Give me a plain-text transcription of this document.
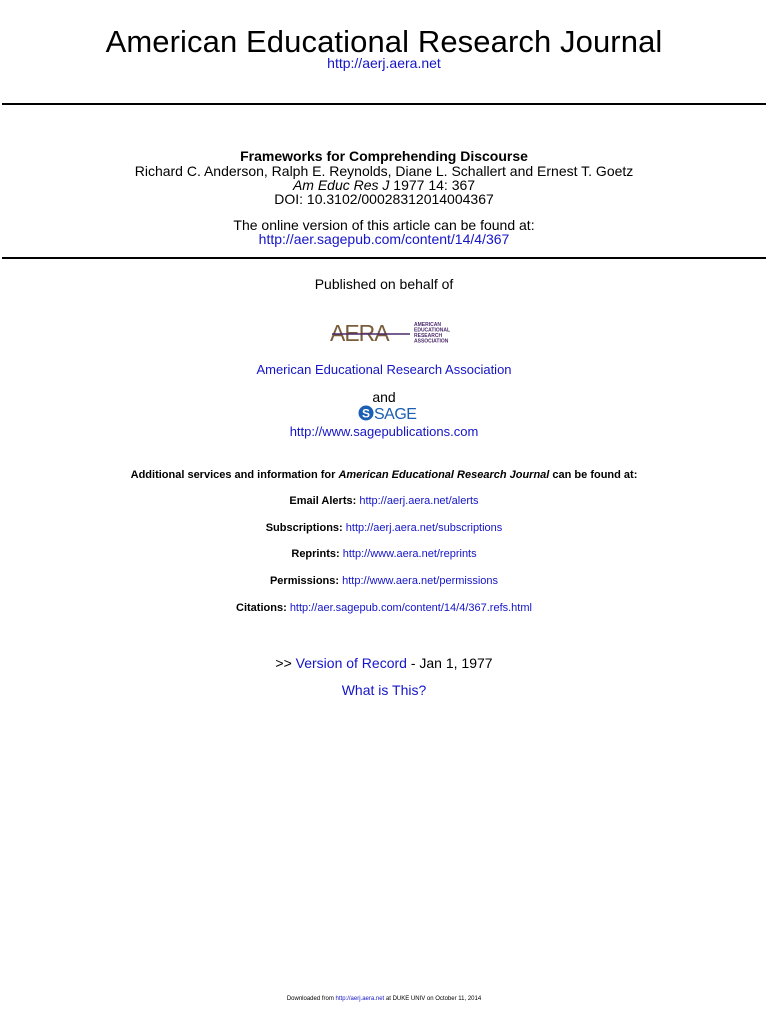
American Educational Research Journal
http://aerj.aera.net
Frameworks for Comprehending Discourse
Richard C. Anderson, Ralph E. Reynolds, Diane L. Schallert and Ernest T. Goetz
Am Educ Res J 1977 14: 367
DOI: 10.3102/00028312014004367
The online version of this article can be found at:
http://aer.sagepub.com/content/14/4/367
Published on behalf of
AERA	AMERICAN
EDUCATIONAL
RESEARCH
ASSOCIATION
American Educational Research Association
and
S SAGE
http://www.sagepublications.com
Additional services and information for American Educational Research Journal can be found at:
Email Alerts: http://aerj.aera.net/alerts
Subscriptions: http://aerj.aera.net/subscriptions
Reprints: http://www.aera.net/reprints
Permissions: http://www.aera.net/permissions
Citations: http://aer.sagepub.com/content/14/4/367.refs.html
>> Version of Record - Jan 1, 1977
What is This?
Downloaded from http://aerj.aera.net at DUKE UNIV on October 11, 2014
